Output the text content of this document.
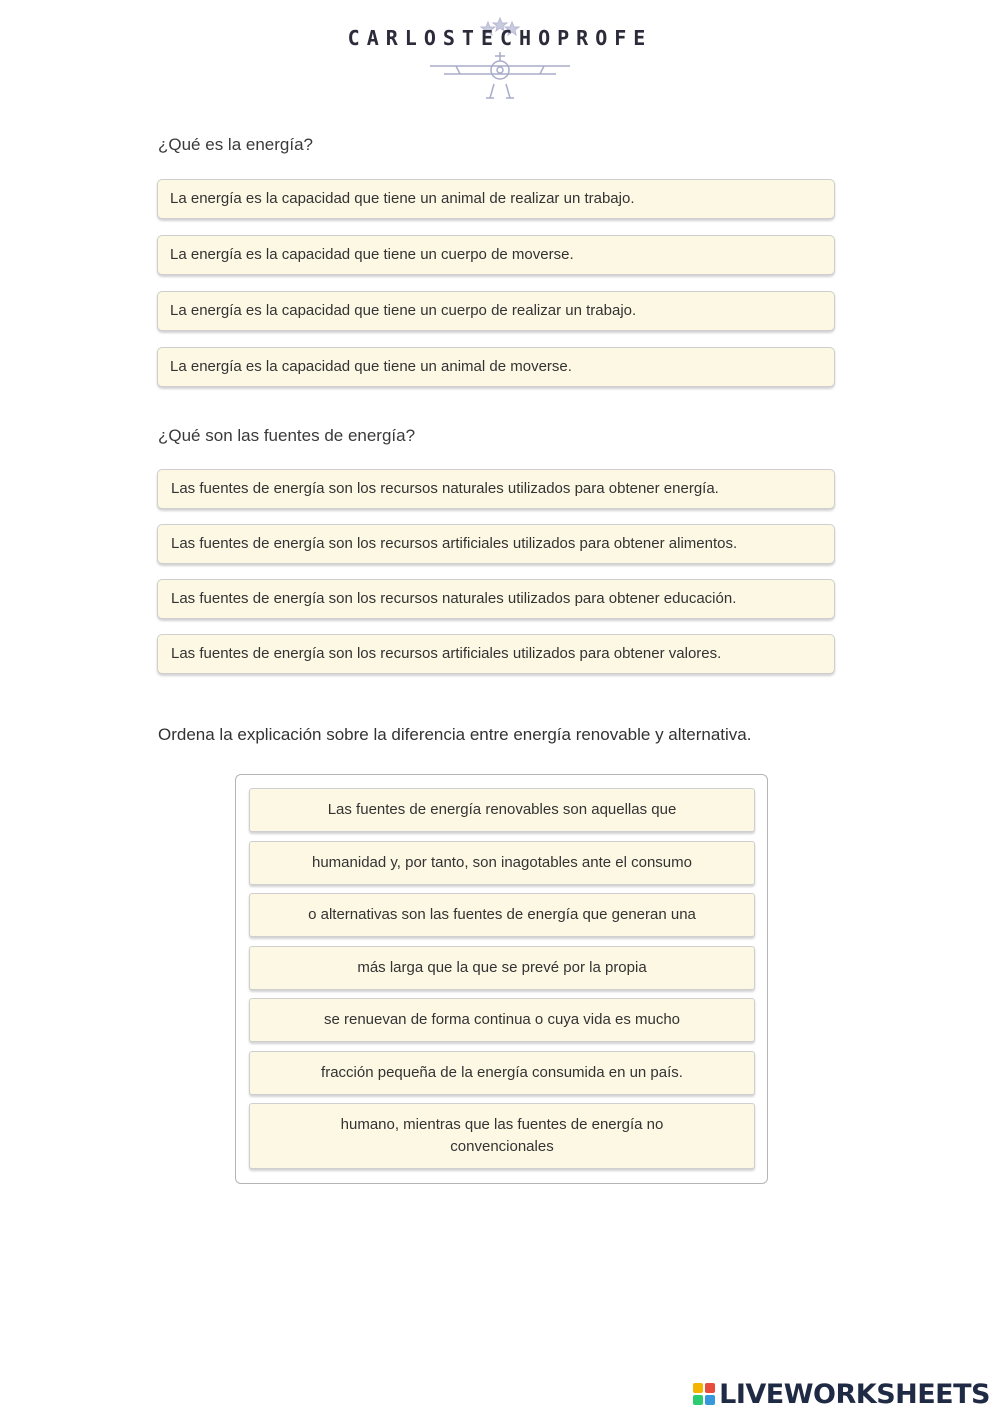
CARLOSTECHOPROFE
¿Qué es la energía?
La energía es la capacidad que tiene un animal de realizar un trabajo.
La energía es la capacidad que tiene un cuerpo de moverse.
La energía es la capacidad que tiene un cuerpo de realizar un trabajo.
La energía es la capacidad que tiene un animal de moverse.
¿Qué son las fuentes de energía?
Las fuentes de energía son los recursos naturales utilizados para obtener energía.
Las fuentes de energía son los recursos artificiales utilizados para obtener alimentos.
Las fuentes de energía son los recursos naturales utilizados para obtener educación.
Las fuentes de energía son los recursos artificiales utilizados para obtener valores.
Ordena la explicación sobre la diferencia entre energía renovable y alternativa.
Las fuentes de energía renovables son aquellas que
humanidad y, por tanto, son inagotables ante el consumo
o alternativas son las fuentes de energía que generan una
más larga que la que se prevé por la propia
se renuevan de forma continua o cuya vida es mucho
fracción pequeña de la energía consumida en un país.
humano, mientras que las fuentes de energía no convencionales
LIVEWORKSHEETS
